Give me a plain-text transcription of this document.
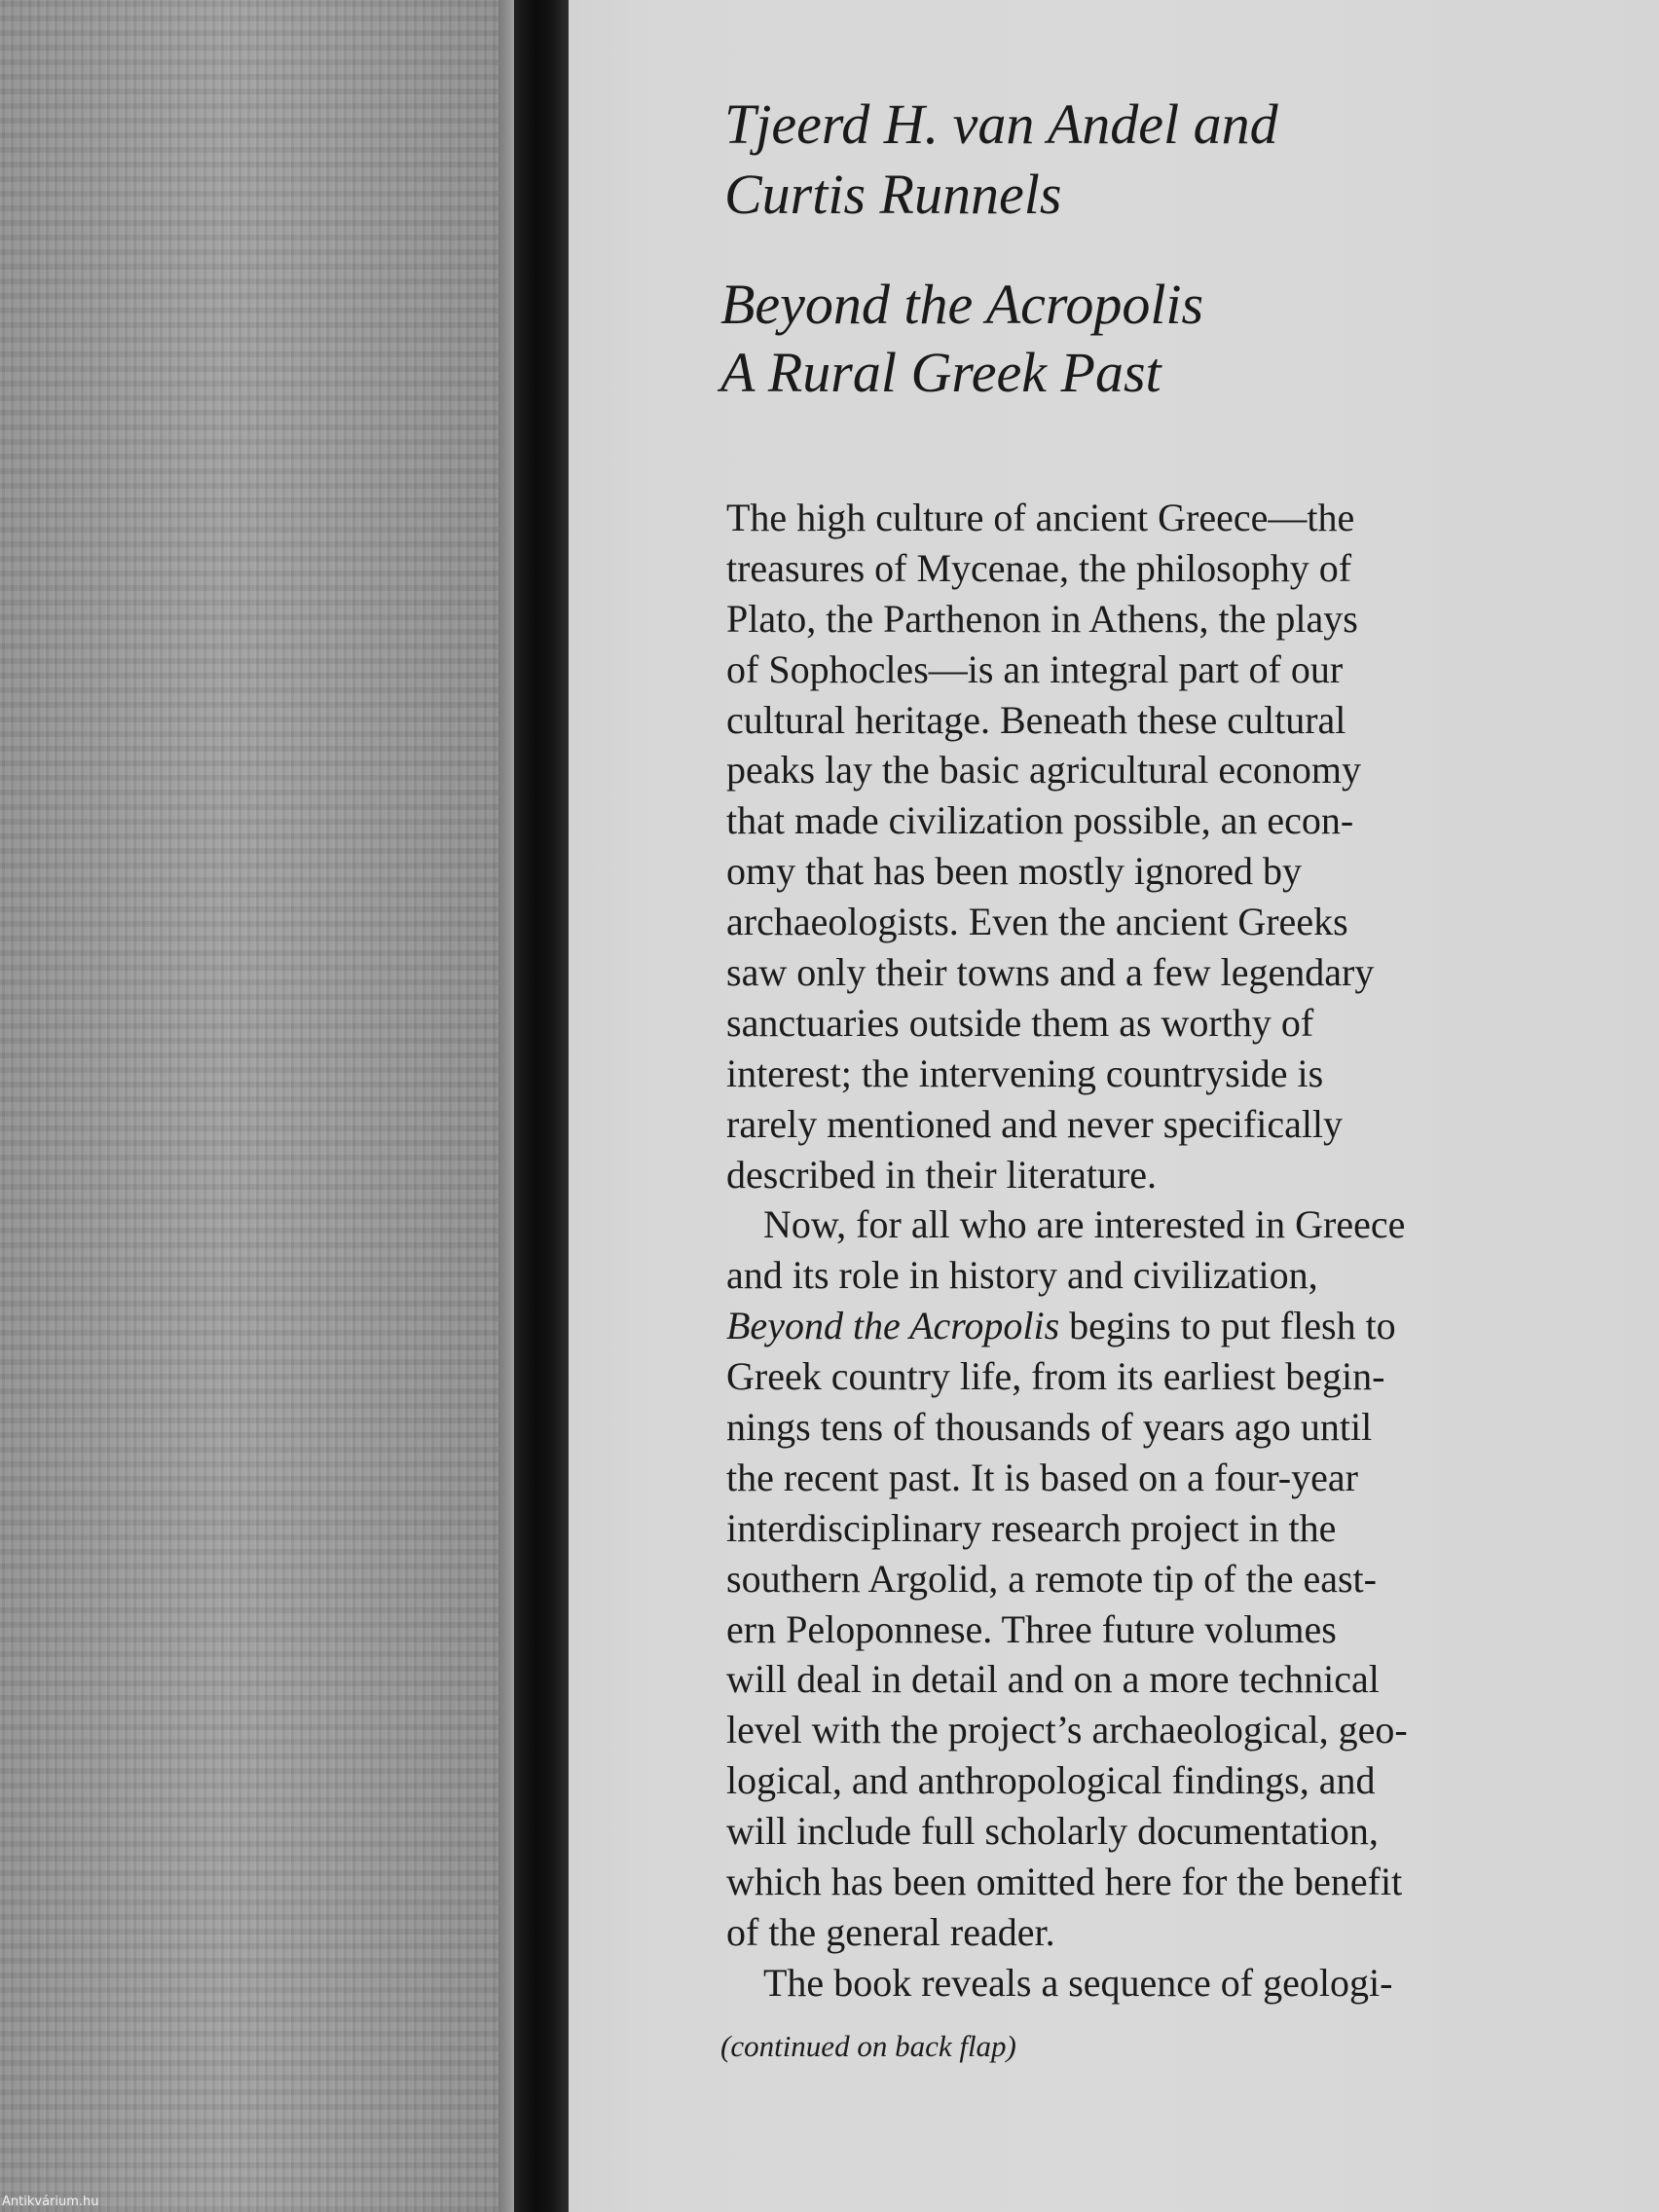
Tjeerd H. van Andel and
Curtis Runnels
Beyond the Acropolis
A Rural Greek Past
The high culture of ancient Greece—the
treasures of Mycenae, the philosophy of
Plato, the Parthenon in Athens, the plays
of Sophocles—is an integral part of our
cultural heritage. Beneath these cultural
peaks lay the basic agricultural economy
that made civilization possible, an econ-
omy that has been mostly ignored by
archaeologists. Even the ancient Greeks
saw only their towns and a few legendary
sanctuaries outside them as worthy of
interest; the intervening countryside is
rarely mentioned and never specifically
described in their literature.
Now, for all who are interested in Greece
and its role in history and civilization,
Beyond the Acropolis begins to put flesh to
Greek country life, from its earliest begin-
nings tens of thousands of years ago until
the recent past. It is based on a four-year
interdisciplinary research project in the
southern Argolid, a remote tip of the east-
ern Peloponnese. Three future volumes
will deal in detail and on a more technical
level with the project’s archaeological, geo-
logical, and anthropological findings, and
will include full scholarly documentation,
which has been omitted here for the benefit
of the general reader.
The book reveals a sequence of geologi-
(continued on back flap)
Antikvárium.hu
